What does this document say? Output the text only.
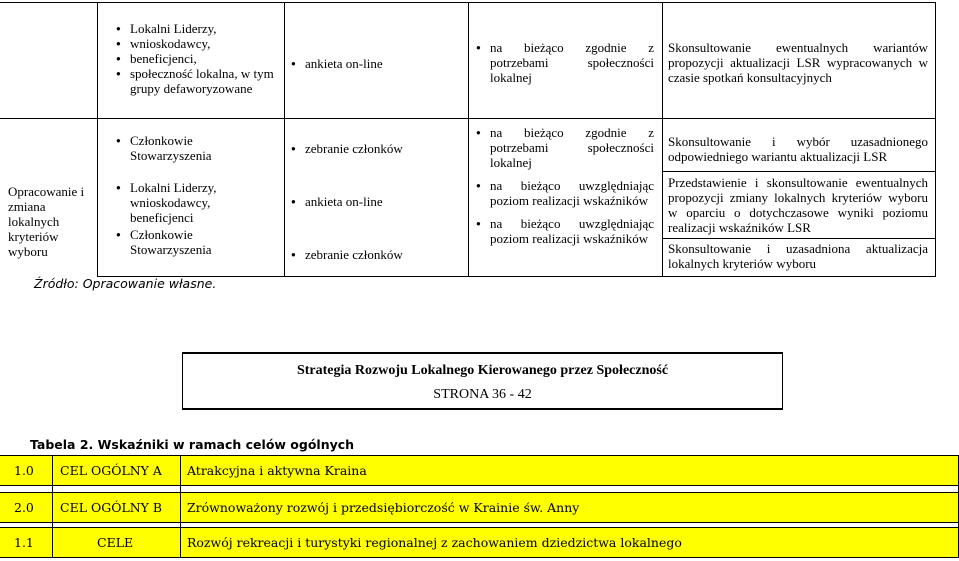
● Lokalni Liderzy,
● wnioskodawcy,
● beneficjenci,
● społeczność lokalna, w tym grupy defaworyzowane
● ankieta on-line
● na bieżąco zgodnie z potrzebami społeczności lokalnej
Skonsultowanie ewentualnych wariantów propozycji aktualizacji LSR wypracowanych w czasie spotkań konsultacyjnych
Opracowanie i zmiana lokalnych kryteriów wyboru
● Członkowie Stowarzyszenia
● Lokalni Liderzy, wnioskodawcy, beneficjenci
● Członkowie Stowarzyszenia
● zebranie członków
● ankieta on-line
● zebranie członków
● na bieżąco zgodnie z potrzebami społeczności lokalnej
● na bieżąco uwzględniając poziom realizacji wskaźników
● na bieżąco uwzględniając poziom realizacji wskaźników
Skonsultowanie i wybór uzasadnionego odpowiedniego wariantu aktualizacji LSR
Przedstawienie i skonsultowanie ewentualnych propozycji zmiany lokalnych kryteriów wyboru w oparciu o dotychczasowe wyniki poziomu realizacji wskaźników LSR
Skonsultowanie i uzasadniona aktualizacja lokalnych kryteriów wyboru
Źródło: Opracowanie własne.
Strategia Rozwoju Lokalnego Kierowanego przez Społeczność
STRONA 36 - 42
Tabela 2. Wskaźniki w ramach celów ogólnych
1.0 CEL OGÓLNY A Atrakcyjna i aktywna Kraina
2.0 CEL OGÓLNY B Zrównoważony rozwój i przedsiębiorczość w Krainie św. Anny
1.1	CELE	Rozwój rekreacji i turystyki regionalnej z zachowaniem dziedzictwa lokalnego
